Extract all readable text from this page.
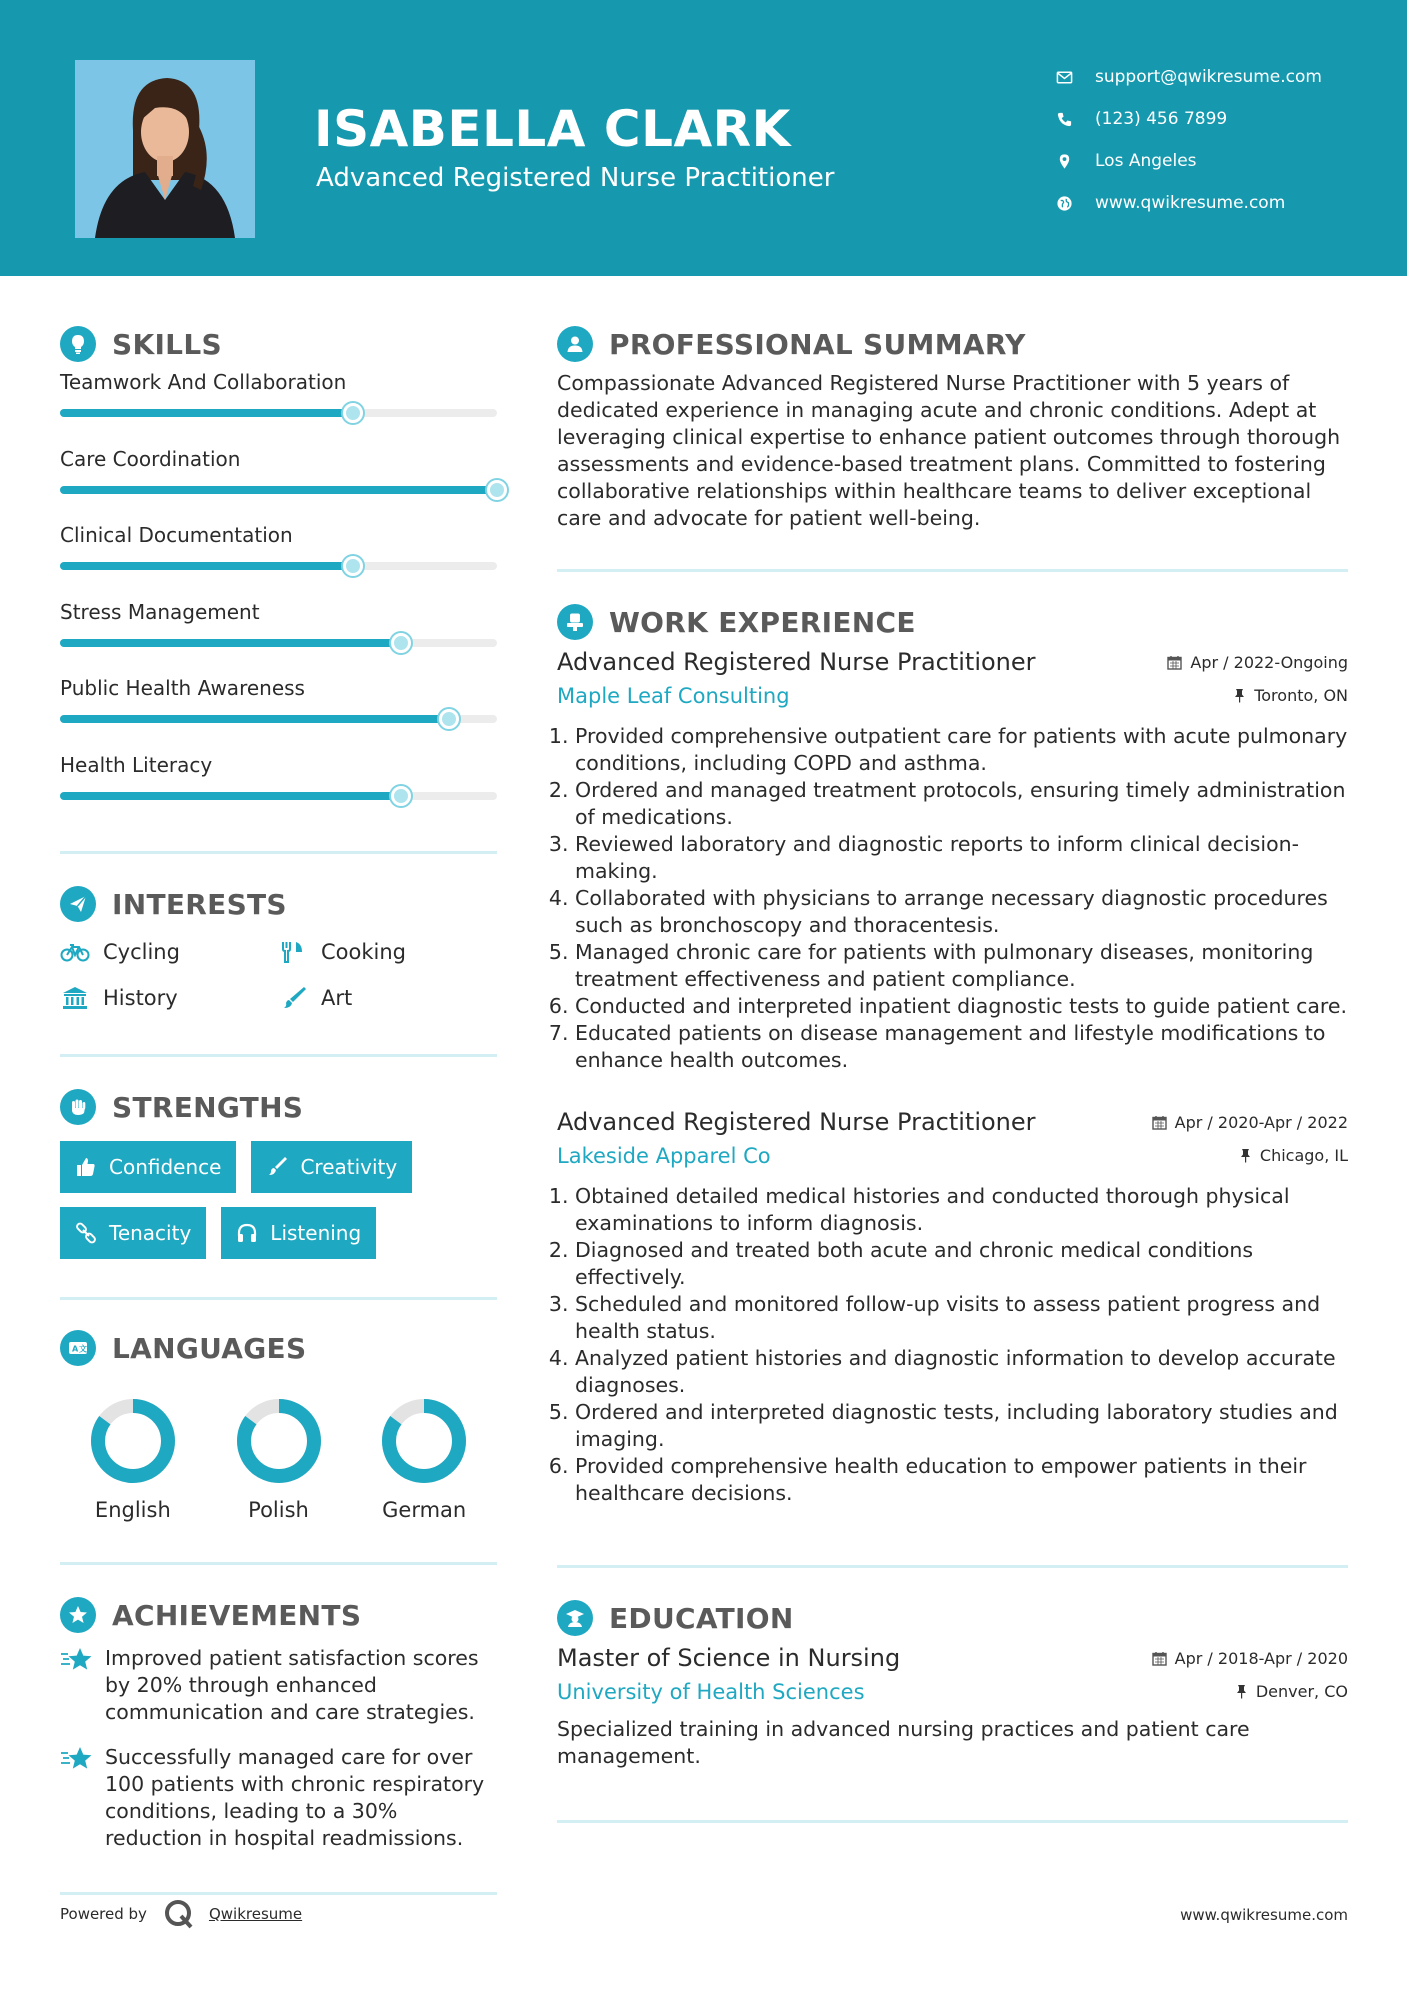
ISABELLA CLARK
Advanced Registered Nurse Practitioner
support@qwikresume.com
(123) 456 7899
Los Angeles
www.qwikresume.com
SKILLS
Teamwork And Collaboration
Care Coordination
Clinical Documentation
Stress Management
Public Health Awareness
Health Literacy
INTERESTS
Cycling	Cooking
History	Art
STRENGTHS
Confidence	Creativity
Tenacity	Listening
A 文 LANGUAGES
English	Polish	German
ACHIEVEMENTS
Improved patient satisfaction scores by 20% through enhanced communication and care strategies.
Successfully managed care for over 100 patients with chronic respiratory conditions, leading to a 30% reduction in hospital readmissions.
PROFESSIONAL SUMMARY

Compassionate Advanced Registered Nurse Practitioner with 5 years of dedicated experience in managing acute and chronic conditions. Adept at leveraging clinical expertise to enhance patient outcomes through thorough assessments and evidence-based treatment plans. Committed to fostering collaborative relationships within healthcare teams to deliver exceptional care and advocate for patient well-being.

WORK EXPERIENCE
Advanced Registered Nurse Practitioner	Apr / 2022-Ongoing
Maple Leaf Consulting	Toronto, ON
1. Provided comprehensive outpatient care for patients with acute pulmonary conditions, including COPD and asthma.
2. Ordered and managed treatment protocols, ensuring timely administration of medications.
3. Reviewed laboratory and diagnostic reports to inform clinical decision-making.
4. Collaborated with physicians to arrange necessary diagnostic procedures such as bronchoscopy and thoracentesis.
5. Managed chronic care for patients with pulmonary diseases, monitoring treatment effectiveness and patient compliance.
6. Conducted and interpreted inpatient diagnostic tests to guide patient care.
7. Educated patients on disease management and lifestyle modifications to enhance health outcomes.
Advanced Registered Nurse Practitioner	Apr / 2020-Apr / 2022
Lakeside Apparel Co	Chicago, IL
1. Obtained detailed medical histories and conducted thorough physical examinations to inform diagnosis.
2. Diagnosed and treated both acute and chronic medical conditions effectively.
3. Scheduled and monitored follow-up visits to assess patient progress and health status.
4. Analyzed patient histories and diagnostic information to develop accurate diagnoses.
5. Ordered and interpreted diagnostic tests, including laboratory studies and imaging.
6. Provided comprehensive health education to empower patients in their healthcare decisions.
EDUCATION
Master of Science in Nursing	Apr / 2018-Apr / 2020
University of Health Sciences	Denver, CO

Specialized training in advanced nursing practices and patient care management.

Powered by	Qwikresume	www.qwikresume.com
